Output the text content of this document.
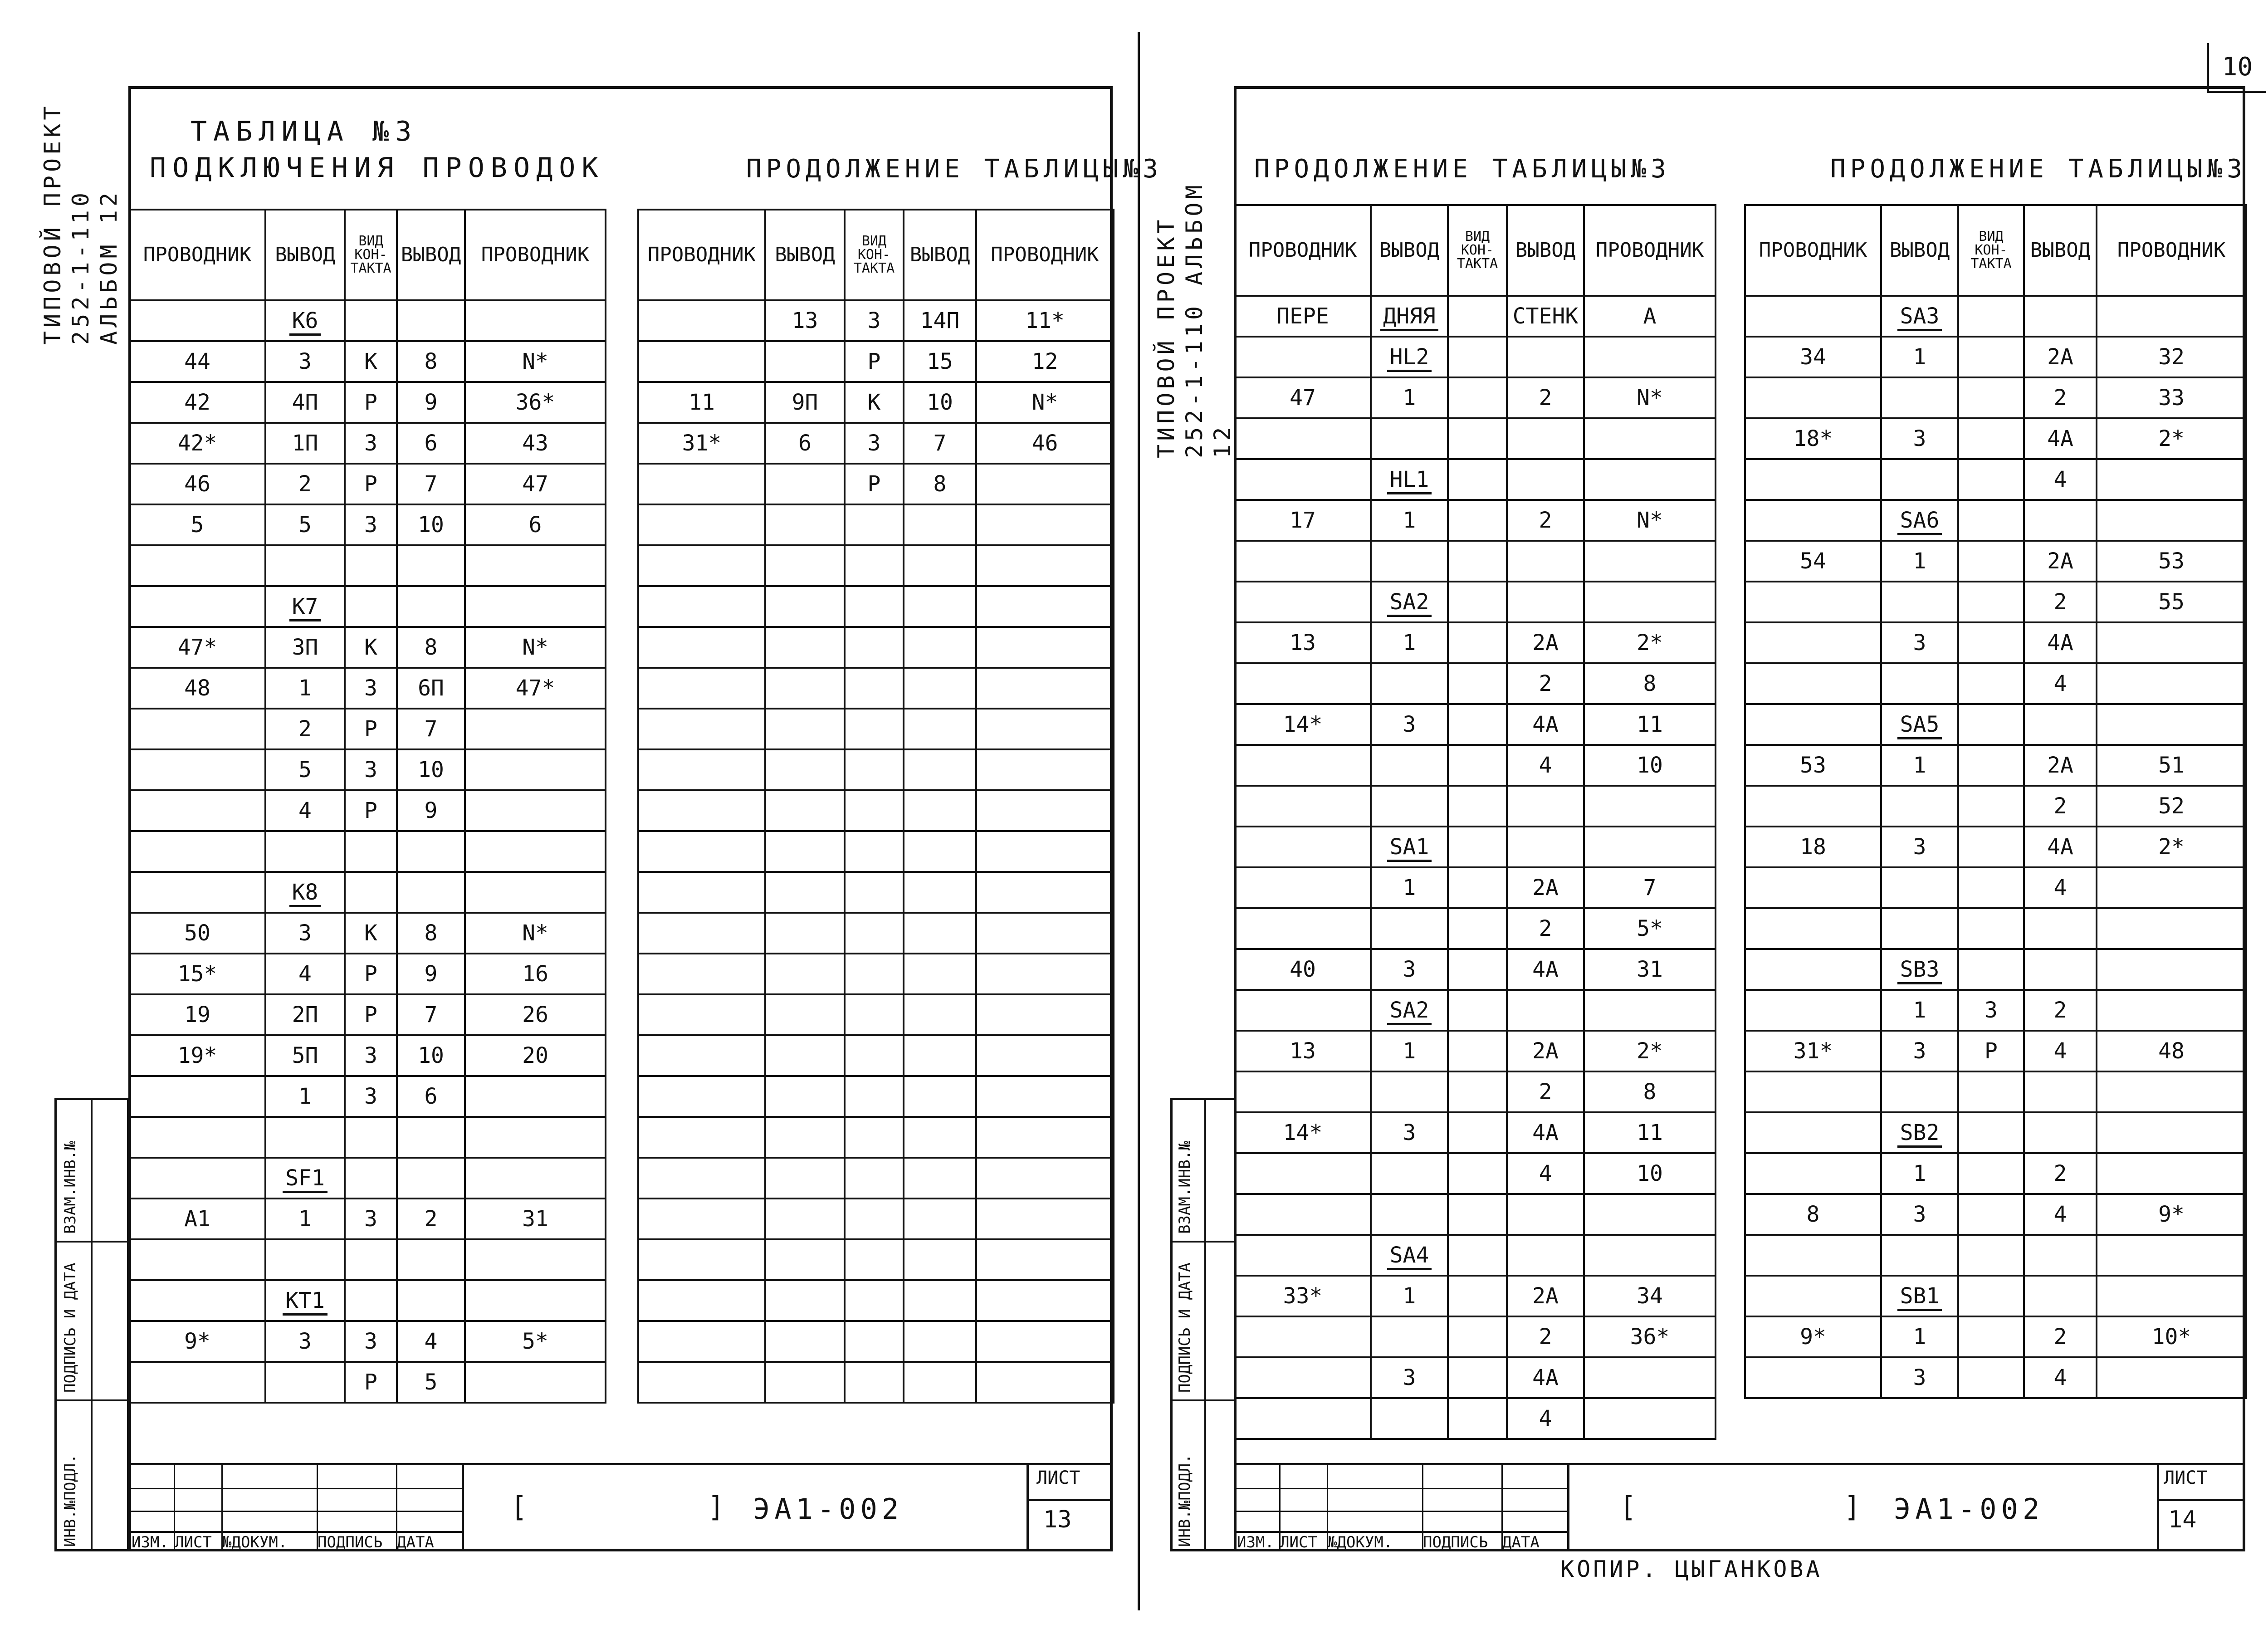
10
ТИПОВОЙ ПРОЕКТ 252-1-110 АЛЬБОМ 12
ТАБЛИЦА №3
ПОДКЛЮЧЕНИЯ ПРОВОДОК	ПРОДОЛЖЕНИЕ ТАБЛИЦЫ№3
ПРОВОДНИК	ВЫВОД	ВИД КОН- ТАКТА	ВЫВОД	ПРОВОДНИК
	К6			
44	3	К	8	N*
42	4П	Р	9	36*
42*	1П	З	6	43
46	2	Р	7	47
5	5	З	10	6

	К7			
47*	3П	К	8	N*
48	1	З	6П	47*
	2	Р	7	
	5	З	10	
	4	Р	9	

	К8			
50	3	К	8	N*
15*	4	Р	9	16
19	2П	Р	7	26
19*	5П	З	10	20
	1	З	6	

	SF1			
А1	1	З	2	31

	КТ1			
9*	3	З	4	5*
		Р	5	
ПРОВОДНИК	ВЫВОД	ВИД КОН- ТАКТА	ВЫВОД	ПРОВОДНИК
	13	З	14П	11*
		Р	15	12
11	9П	К	10	N*
31*	6	З	7	46
		Р	8	

ИНВ.№ПОДЛ.
ПОДПИСЬ И ДАТА
ВЗАМ.ИНВ.№
ИЗМ. ЛИСТ №ДОКУМ. ПОДПИСЬ ДАТА
[	] ЭА1-002
ЛИСТ
13
ТИПОВОЙ ПРОЕКТ 252-1-110 АЛЬБОМ 12
ПРОДОЛЖЕНИЕ ТАБЛИЦЫ№3	ПРОДОЛЖЕНИЕ ТАБЛИЦЫ№3
ПРОВОДНИК	ВЫВОД	ВИД КОН- ТАКТА	ВЫВОД	ПРОВОДНИК
ПЕРЕ	ДНЯЯ		СТЕНК	А
	HL2			
47	1		2	N*

	HL1			
17	1		2	N*

	SA2			
13	1		2А	2*
			2	8
14*	3		4А	11
			4	10

	SA1			
	1		2А	7
			2	5*
40	3		4А	31
	SA2			
13	1		2А	2*
			2	8
14*	3		4А	11
			4	10

	SA4			
33*	1		2А	34
			2	36*
	3		4А	
			4	
ПРОВОДНИК	ВЫВОД	ВИД КОН- ТАКТА	ВЫВОД	ПРОВОДНИК
	SA3			
34	1		2А	32
			2	33
18*	3		4А	2*
			4	
	SA6			
54	1		2А	53
			2	55
	3		4А	
			4	
	SA5			
53	1		2А	51
			2	52
18	3		4А	2*
			4	

	SB3			
	1	З	2	
31*	3	Р	4	48

	SB2			
	1		2	
8	3		4	9*

	SB1			
9*	1		2	10*
	3		4	
ИНВ.№ПОДЛ.
ПОДПИСЬ И ДАТА
ВЗАМ.ИНВ.№
ИЗМ. ЛИСТ №ДОКУМ. ПОДПИСЬ ДАТА
[	] ЭА1-002
ЛИСТ
14
КОПИР. ЦЫГАНКОВА
